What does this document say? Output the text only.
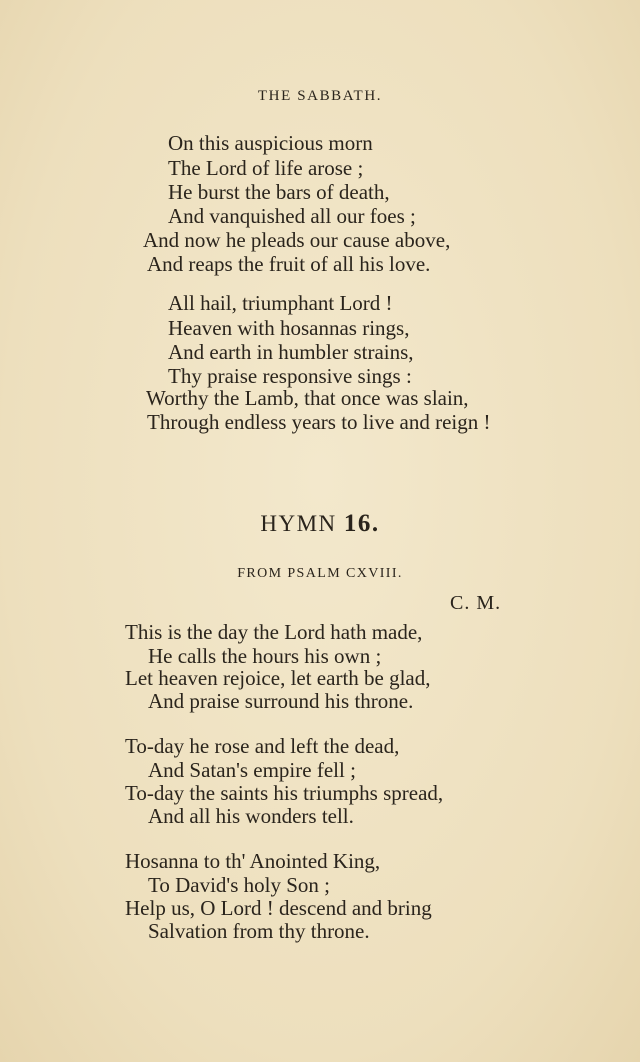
THE SABBATH.
On this auspicious morn
The Lord of life arose ;
He burst the bars of death,
And vanquished all our foes ;
And now he pleads our cause above,
And reaps the fruit of all his love.
All hail, triumphant Lord !
Heaven with hosannas rings,
And earth in humbler strains,
Thy praise responsive sings :
Worthy the Lamb, that once was slain,
Through endless years to live and reign !
HYMN 16.
FROM PSALM CXVIII.
C. M.
This is the day the Lord hath made,
He calls the hours his own ;
Let heaven rejoice, let earth be glad,
And praise surround his throne.
To-day he rose and left the dead,
And Satan's empire fell ;
To-day the saints his triumphs spread,
And all his wonders tell.
Hosanna to th' Anointed King,
To David's holy Son ;
Help us, O Lord ! descend and bring
Salvation from thy throne.
